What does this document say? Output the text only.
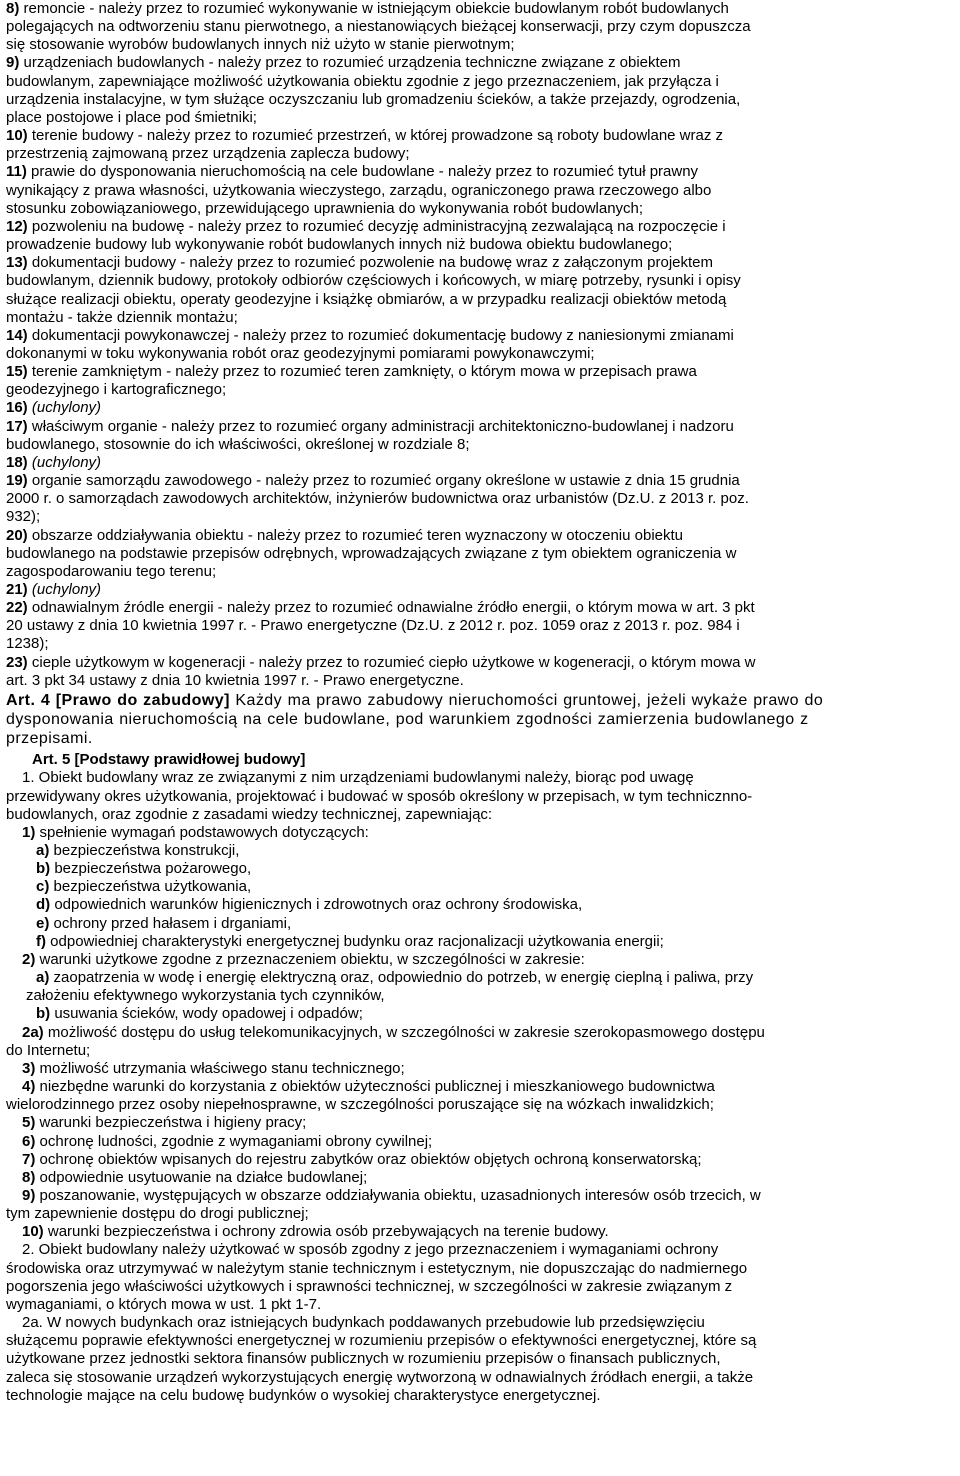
8) remoncie - należy przez to rozumieć wykonywanie w istniejącym obiekcie budowlanym robót budowlanych
polegających na odtworzeniu stanu pierwotnego, a niestanowiących bieżącej konserwacji, przy czym dopuszcza
się stosowanie wyrobów budowlanych innych niż użyto w stanie pierwotnym;
9) urządzeniach budowlanych - należy przez to rozumieć urządzenia techniczne związane z obiektem
budowlanym, zapewniające możliwość użytkowania obiektu zgodnie z jego przeznaczeniem, jak przyłącza i
urządzenia instalacyjne, w tym służące oczyszczaniu lub gromadzeniu ścieków, a także przejazdy, ogrodzenia,
place postojowe i place pod śmietniki;
10) terenie budowy - należy przez to rozumieć przestrzeń, w której prowadzone są roboty budowlane wraz z
przestrzenią zajmowaną przez urządzenia zaplecza budowy;
11) prawie do dysponowania nieruchomością na cele budowlane - należy przez to rozumieć tytuł prawny
wynikający z prawa własności, użytkowania wieczystego, zarządu, ograniczonego prawa rzeczowego albo
stosunku zobowiązaniowego, przewidującego uprawnienia do wykonywania robót budowlanych;
12) pozwoleniu na budowę - należy przez to rozumieć decyzję administracyjną zezwalającą na rozpoczęcie i
prowadzenie budowy lub wykonywanie robót budowlanych innych niż budowa obiektu budowlanego;
13) dokumentacji budowy - należy przez to rozumieć pozwolenie na budowę wraz z załączonym projektem
budowlanym, dziennik budowy, protokoły odbiorów częściowych i końcowych, w miarę potrzeby, rysunki i opisy
służące realizacji obiektu, operaty geodezyjne i książkę obmiarów, a w przypadku realizacji obiektów metodą
montażu - także dziennik montażu;
14) dokumentacji powykonawczej - należy przez to rozumieć dokumentację budowy z naniesionymi zmianami
dokonanymi w toku wykonywania robót oraz geodezyjnymi pomiarami powykonawczymi;
15) terenie zamkniętym - należy przez to rozumieć teren zamknięty, o którym mowa w przepisach prawa
geodezyjnego i kartograficznego;
16) (uchylony)
17) właściwym organie - należy przez to rozumieć organy administracji architektoniczno-budowlanej i nadzoru
budowlanego, stosownie do ich właściwości, określonej w rozdziale 8;
18) (uchylony)
19) organie samorządu zawodowego - należy przez to rozumieć organy określone w ustawie z dnia 15 grudnia
2000 r. o samorządach zawodowych architektów, inżynierów budownictwa oraz urbanistów (Dz.U. z 2013 r. poz.
932);
20) obszarze oddziaływania obiektu - należy przez to rozumieć teren wyznaczony w otoczeniu obiektu
budowlanego na podstawie przepisów odrębnych, wprowadzających związane z tym obiektem ograniczenia w
zagospodarowaniu tego terenu;
21) (uchylony)
22) odnawialnym źródle energii - należy przez to rozumieć odnawialne źródło energii, o którym mowa w art. 3 pkt
20 ustawy z dnia 10 kwietnia 1997 r. - Prawo energetyczne (Dz.U. z 2012 r. poz. 1059 oraz z 2013 r. poz. 984 i
1238);
23) cieple użytkowym w kogeneracji - należy przez to rozumieć ciepło użytkowe w kogeneracji, o którym mowa w
art. 3 pkt 34 ustawy z dnia 10 kwietnia 1997 r. - Prawo energetyczne.
Art. 4 [Prawo do zabudowy] Każdy ma prawo zabudowy nieruchomości gruntowej, jeżeli wykaże prawo do
dysponowania nieruchomością na cele budowlane, pod warunkiem zgodności zamierzenia budowlanego z
przepisami.
Art. 5 [Podstawy prawidłowej budowy]
1. Obiekt budowlany wraz ze związanymi z nim urządzeniami budowlanymi należy, biorąc pod uwagę
przewidywany okres użytkowania, projektować i budować w sposób określony w przepisach, w tym technicznno-
budowlanych, oraz zgodnie z zasadami wiedzy technicznej, zapewniając:
1) spełnienie wymagań podstawowych dotyczących:
a) bezpieczeństwa konstrukcji,
b) bezpieczeństwa pożarowego,
c) bezpieczeństwa użytkowania,
d) odpowiednich warunków higienicznych i zdrowotnych oraz ochrony środowiska,
e) ochrony przed hałasem i drganiami,
f) odpowiedniej charakterystyki energetycznej budynku oraz racjonalizacji użytkowania energii;
2) warunki użytkowe zgodne z przeznaczeniem obiektu, w szczególności w zakresie:
a) zaopatrzenia w wodę i energię elektryczną oraz, odpowiednio do potrzeb, w energię cieplną i paliwa, przy
założeniu efektywnego wykorzystania tych czynników,
b) usuwania ścieków, wody opadowej i odpadów;
2a) możliwość dostępu do usług telekomunikacyjnych, w szczególności w zakresie szerokopasmowego dostępu
do Internetu;
3) możliwość utrzymania właściwego stanu technicznego;
4) niezbędne warunki do korzystania z obiektów użyteczności publicznej i mieszkaniowego budownictwa
wielorodzinnego przez osoby niepełnosprawne, w szczególności poruszające się na wózkach inwalidzkich;
5) warunki bezpieczeństwa i higieny pracy;
6) ochronę ludności, zgodnie z wymaganiami obrony cywilnej;
7) ochronę obiektów wpisanych do rejestru zabytków oraz obiektów objętych ochroną konserwatorską;
8) odpowiednie usytuowanie na działce budowlanej;
9) poszanowanie, występujących w obszarze oddziaływania obiektu, uzasadnionych interesów osób trzecich, w
tym zapewnienie dostępu do drogi publicznej;
10) warunki bezpieczeństwa i ochrony zdrowia osób przebywających na terenie budowy.
2. Obiekt budowlany należy użytkować w sposób zgodny z jego przeznaczeniem i wymaganiami ochrony
środowiska oraz utrzymywać w należytym stanie technicznym i estetycznym, nie dopuszczając do nadmiernego
pogorszenia jego właściwości użytkowych i sprawności technicznej, w szczególności w zakresie związanym z
wymaganiami, o których mowa w ust. 1 pkt 1-7.
2a. W nowych budynkach oraz istniejących budynkach poddawanych przebudowie lub przedsięwzięciu
służącemu poprawie efektywności energetycznej w rozumieniu przepisów o efektywności energetycznej, które są
użytkowane przez jednostki sektora finansów publicznych w rozumieniu przepisów o finansach publicznych,
zaleca się stosowanie urządzeń wykorzystujących energię wytworzoną w odnawialnych źródłach energii, a także
technologie mające na celu budowę budynków o wysokiej charakterystyce energetycznej.
